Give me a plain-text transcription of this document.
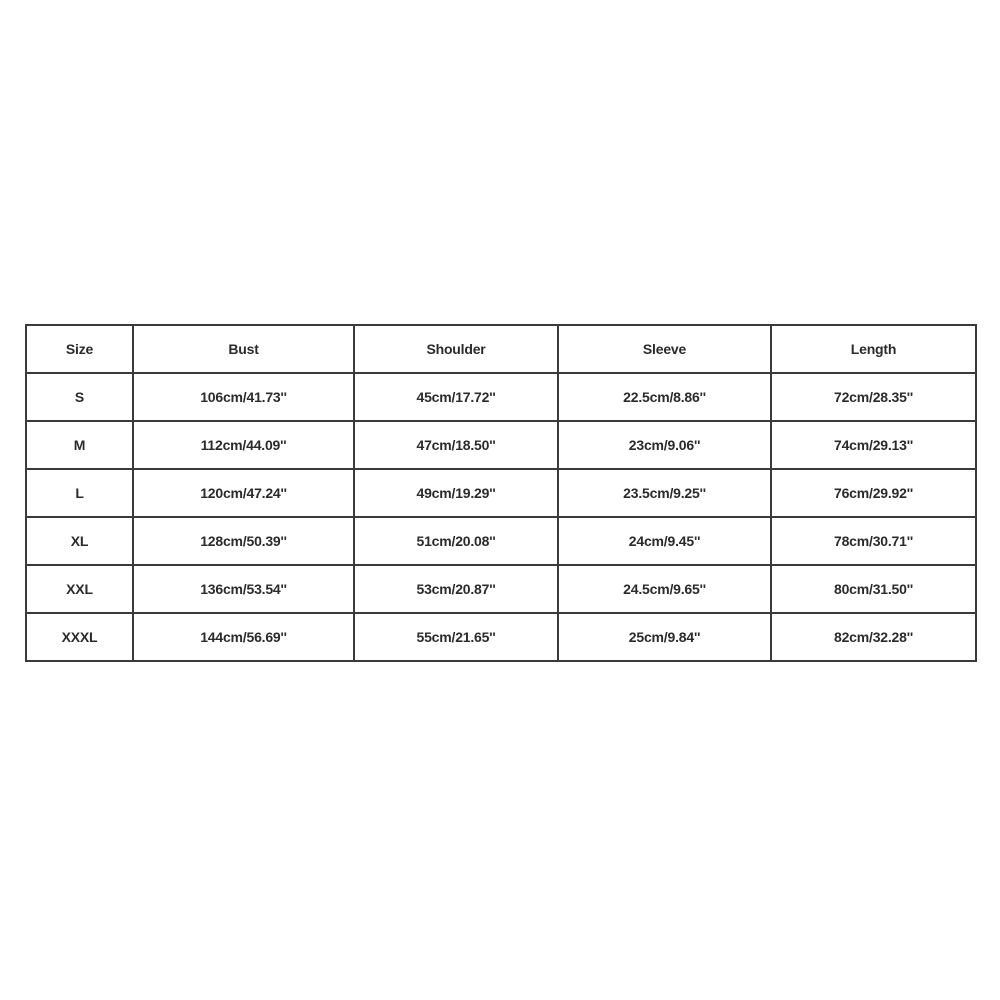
Size	Bust	Shoulder	Sleeve	Length
S	106cm/41.73''	45cm/17.72''	22.5cm/8.86''	72cm/28.35''
M	112cm/44.09''	47cm/18.50''	23cm/9.06''	74cm/29.13''
L	120cm/47.24''	49cm/19.29''	23.5cm/9.25''	76cm/29.92''
XL	128cm/50.39''	51cm/20.08''	24cm/9.45''	78cm/30.71''
XXL	136cm/53.54''	53cm/20.87''	24.5cm/9.65''	80cm/31.50''
XXXL	144cm/56.69''	55cm/21.65''	25cm/9.84''	82cm/32.28''
